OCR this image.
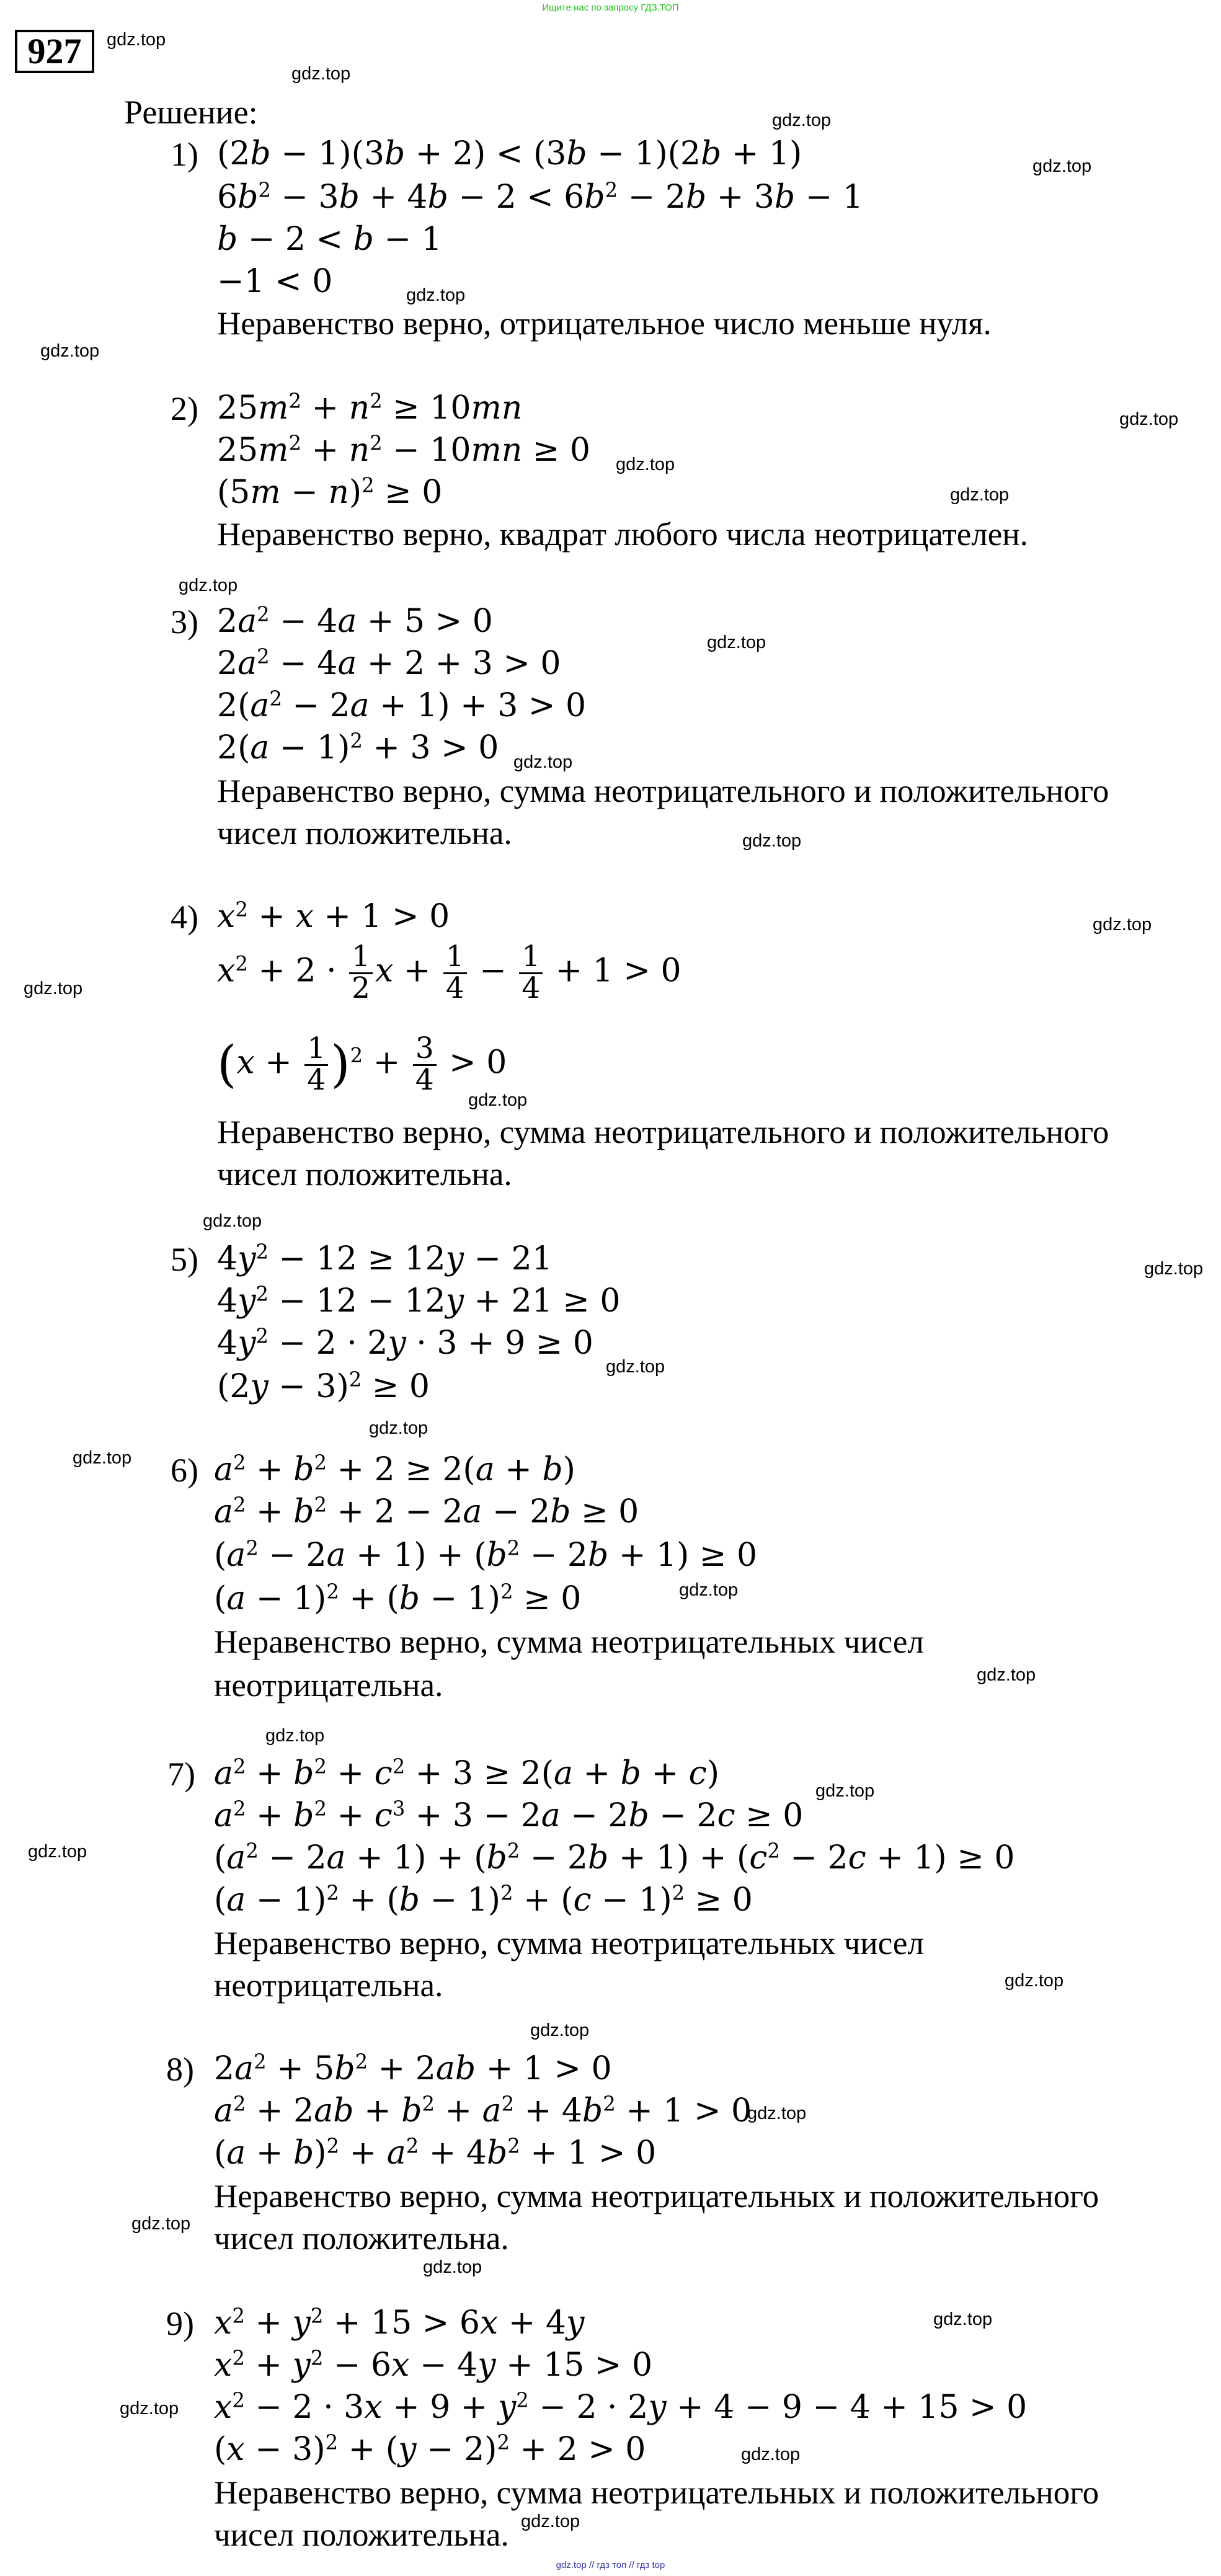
Ищите нас по запросу ГДЗ.ТОП
927
Решение:
gdz.top
gdz.top
gdz.top
gdz.top
gdz.top
gdz.top
gdz.top
gdz.top
gdz.top
gdz.top
gdz.top
gdz.top
gdz.top
gdz.top
gdz.top
gdz.top
gdz.top
gdz.top
gdz.top
gdz.top
gdz.top
gdz.top
gdz.top
gdz.top
gdz.top
gdz.top
gdz.top
gdz.top
gdz.top
gdz.top
gdz.top
gdz.top
gdz.top
gdz.top
gdz.top
1) (2b − 1)(3b + 2) < (3b − 1)(2b + 1)
$6b^2 - 3b + 4b - 2 < 6b^2 - 2b + 3b - 1$
b − 2 < b − 1
−1 < 0
Неравенство верно, отрицательное число меньше нуля.
2) $25m^2 + n^2 \ge 10mn$
$25m^2 + n^2 - 10mn \ge 0$
$(5m - n)^2 \ge 0$
Неравенство верно, квадрат любого числа неотрицателен.
3) $2a^2 - 4a + 5 > 0$
$2a^2 - 4a + 2 + 3 > 0$
$2(a^2 - 2a + 1) + 3 > 0$
$2(a - 1)^2 + 3 > 0$
Неравенство верно, сумма неотрицательного и положительного
чисел положительна.
4) $x^2 + x + 1 > 0$
$x^2 + 2 \cdot \frac{1}{2}$ $x + \frac{1}{4} - \frac{1}{4} + 1 > 0$
$(x + \frac{1}{4} )^2 + \frac{3}{4} > 0$
Неравенство верно, сумма неотрицательного и положительного
чисел положительна.
5) $4y^2 - 12 \ge 12y - 21$
$4y^2 - 12 - 12y + 21 \ge 0$
$4y^2 - 2 \cdot 2y \cdot 3 + 9 \ge 0$
$(2y - 3)^2 \ge 0$
6) $a^2 + b^2 + 2 \ge 2(a + b)$
$a^2 + b^2 + 2 - 2a - 2b \ge 0$
$(a^2 - 2a + 1) + (b^2 - 2b + 1) \ge 0$
$(a - 1)^2 + (b - 1)^2 \ge 0$
Неравенство верно, сумма неотрицательных чисел
неотрицательна.
7) $a^2 + b^2 + c^2 + 3 \ge 2(a + b + c)$
$a^2 + b^2 + c^3 + 3 - 2a - 2b - 2c \ge 0$
$(a^2 - 2a + 1) + (b^2 - 2b + 1) + (c^2 - 2c + 1) \ge 0$
$(a - 1)^2 + (b - 1)^2 + (c - 1)^2 \ge 0$
Неравенство верно, сумма неотрицательных чисел
неотрицательна.
8) $2a^2 + 5b^2 + 2ab + 1 > 0$
$a^2 + 2ab + b^2 + a^2 + 4b^2 + 1 > 0$
$(a + b)^2 + a^2 + 4b^2 + 1 > 0$
Неравенство верно, сумма неотрицательных и положительного
чисел положительна.
9) $x^2 + y^2 + 15 > 6x + 4y$
$x^2 + y^2 - 6x - 4y + 15 > 0$
$x^2 - 2 \cdot 3x + 9 + y^2 - 2 \cdot 2y + 4 - 9 - 4 + 15 > 0$
$(x - 3)^2 + (y - 2)^2 + 2 > 0$
Неравенство верно, сумма неотрицательных и положительного
чисел положительна.
gdz.top // гдз топ // гдз top
